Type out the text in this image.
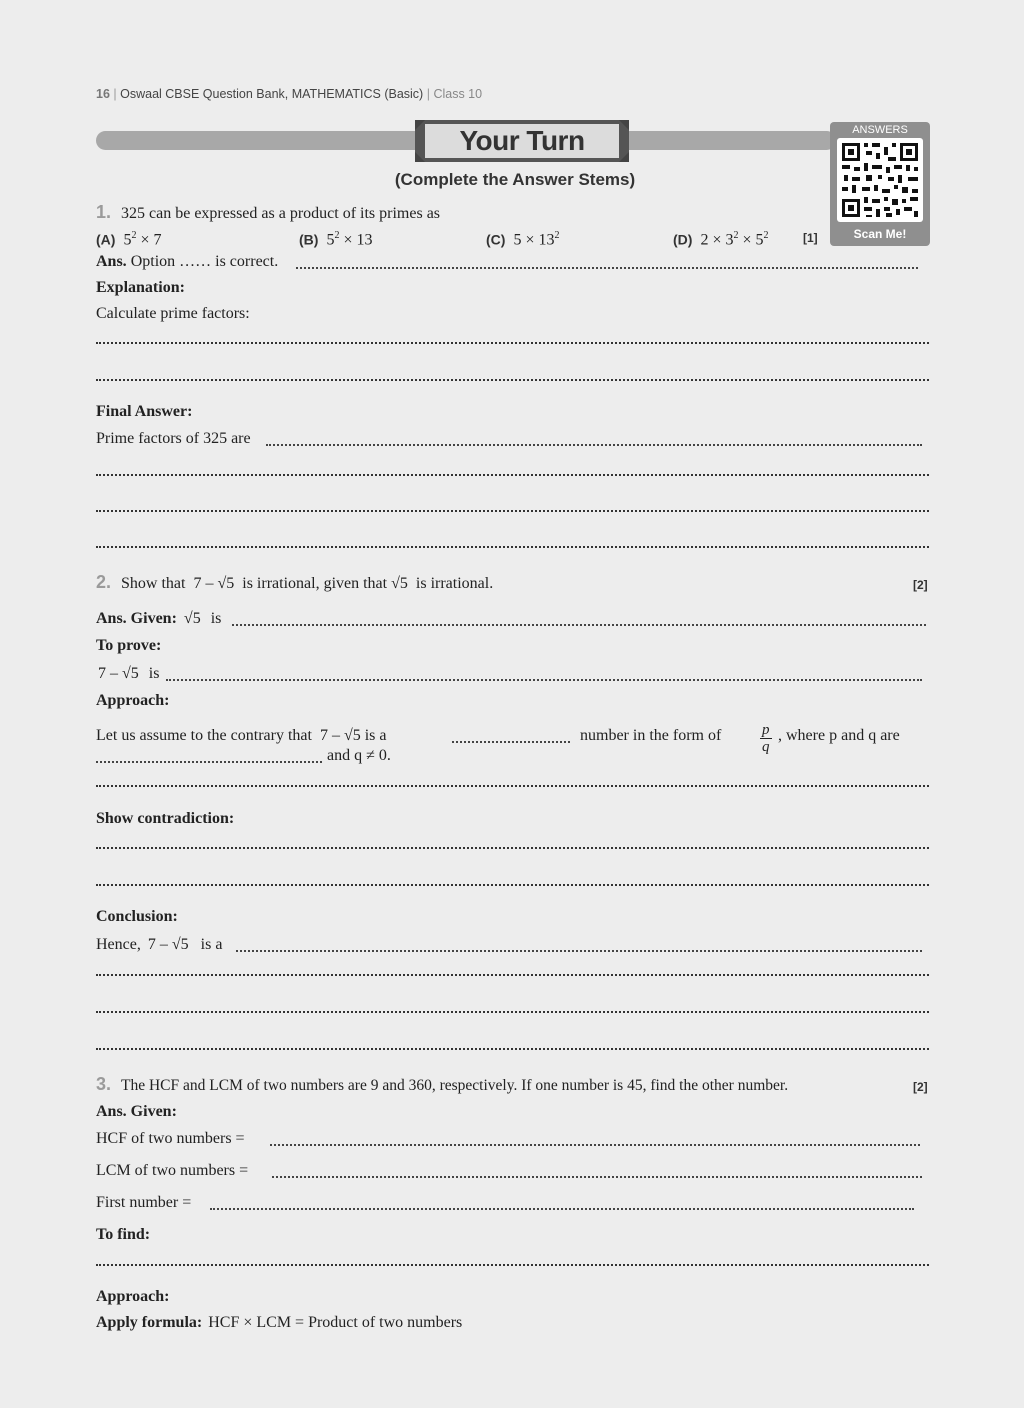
16 | Oswaal CBSE Question Bank, MATHEMATICS (Basic) | Class 10
Your Turn
(Complete the Answer Stems)
ANSWERS
Scan Me!
1. 325 can be expressed as a product of its primes as
(A)  $5^2 \times 7$	(B)  $5^2 \times 13$	(C)  $5 \times 13^2$	(D)  $2 \times 3^2 \times 5^2$	[1]
Ans. Option …… is correct.
Explanation:
Calculate prime factors:
Final Answer:
Prime factors of 325 are
2. Show that 7 – √5 is irrational, given that √5 is irrational.	[2]
Ans. Given: √5 is
To prove:
7 – √5 is
Approach:
Let us assume to the contrary that 7 – √5 is a	number in the form of	$\frac{p}{q}$ , where p and q are
and q ≠ 0.
Show contradiction:
Conclusion:
Hence, 7 – √5 is a
3. The HCF and LCM of two numbers are 9 and 360, respectively. If one number is 45, find the other number.	[2]
Ans. Given:
HCF of two numbers =
LCM of two numbers =
First number =
To find:
Approach:
Apply formula: HCF × LCM = Product of two numbers
